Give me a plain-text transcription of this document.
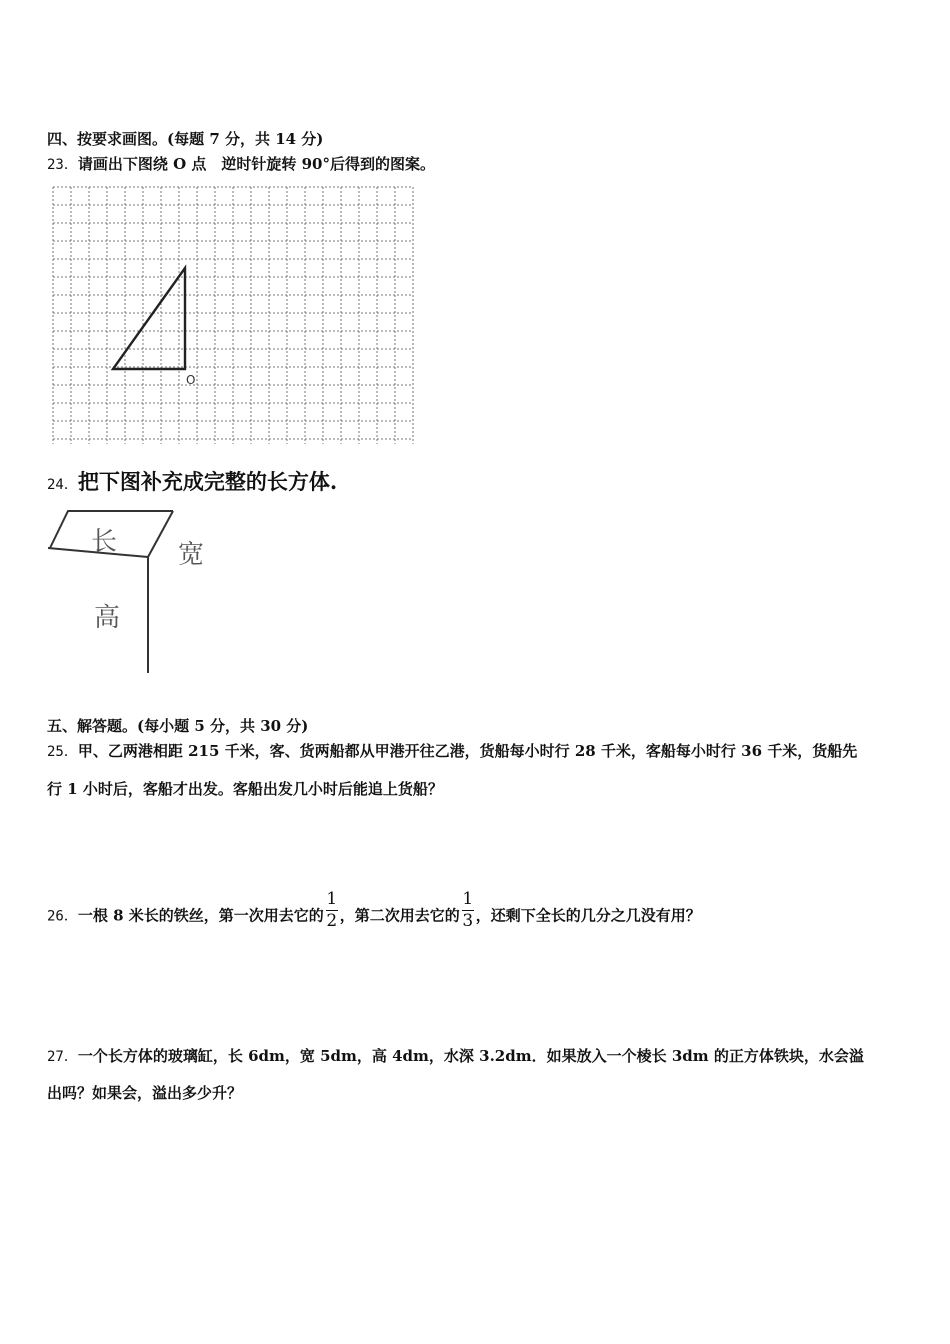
四、按要求画图。(每题 7 分，共 14 分)
23．请画出下图绕 O 点　逆时针旋转 90°后得到的图案。
O
24．把下图补充成完整的长方体.
长 宽
高
五、解答题。(每小题 5 分，共 30 分)
25．甲、乙两港相距 215 千米，客、货两船都从甲港开往乙港，货船每小时行 28 千米，客船每小时行 36 千米，货船先
行 1 小时后，客船才出发。客船出发几小时后能追上货船？
26．一根 8 米长的铁丝，第一次用去它的 $\frac{1}{2}$ ，第二次用去它的 $\frac{1}{3}$ ，还剩下全长的几分之几没有用？
27．一个长方体的玻璃缸，长 6dm，宽 5dm，高 4dm，水深 3.2dm．如果放入一个棱长 3dm 的正方体铁块，水会溢
出吗？如果会，溢出多少升？
